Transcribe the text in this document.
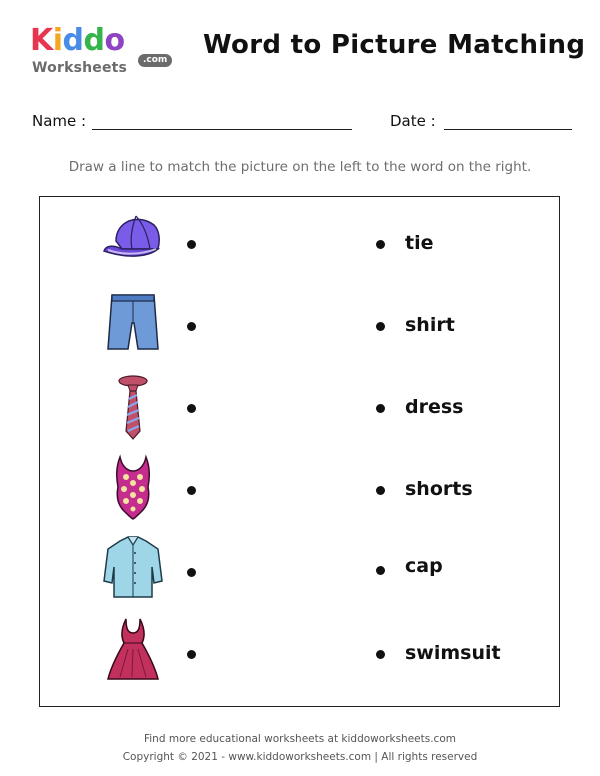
Kiddo
Worksheets	.com Word to Picture Matching
Name :	Date :
Draw a line to match the picture on the left to the word on the right.
tie
shirt
dress
shorts
cap
swimsuit
Find more educational worksheets at kiddoworksheets.com
Copyright © 2021 - www.kiddoworksheets.com | All rights reserved
